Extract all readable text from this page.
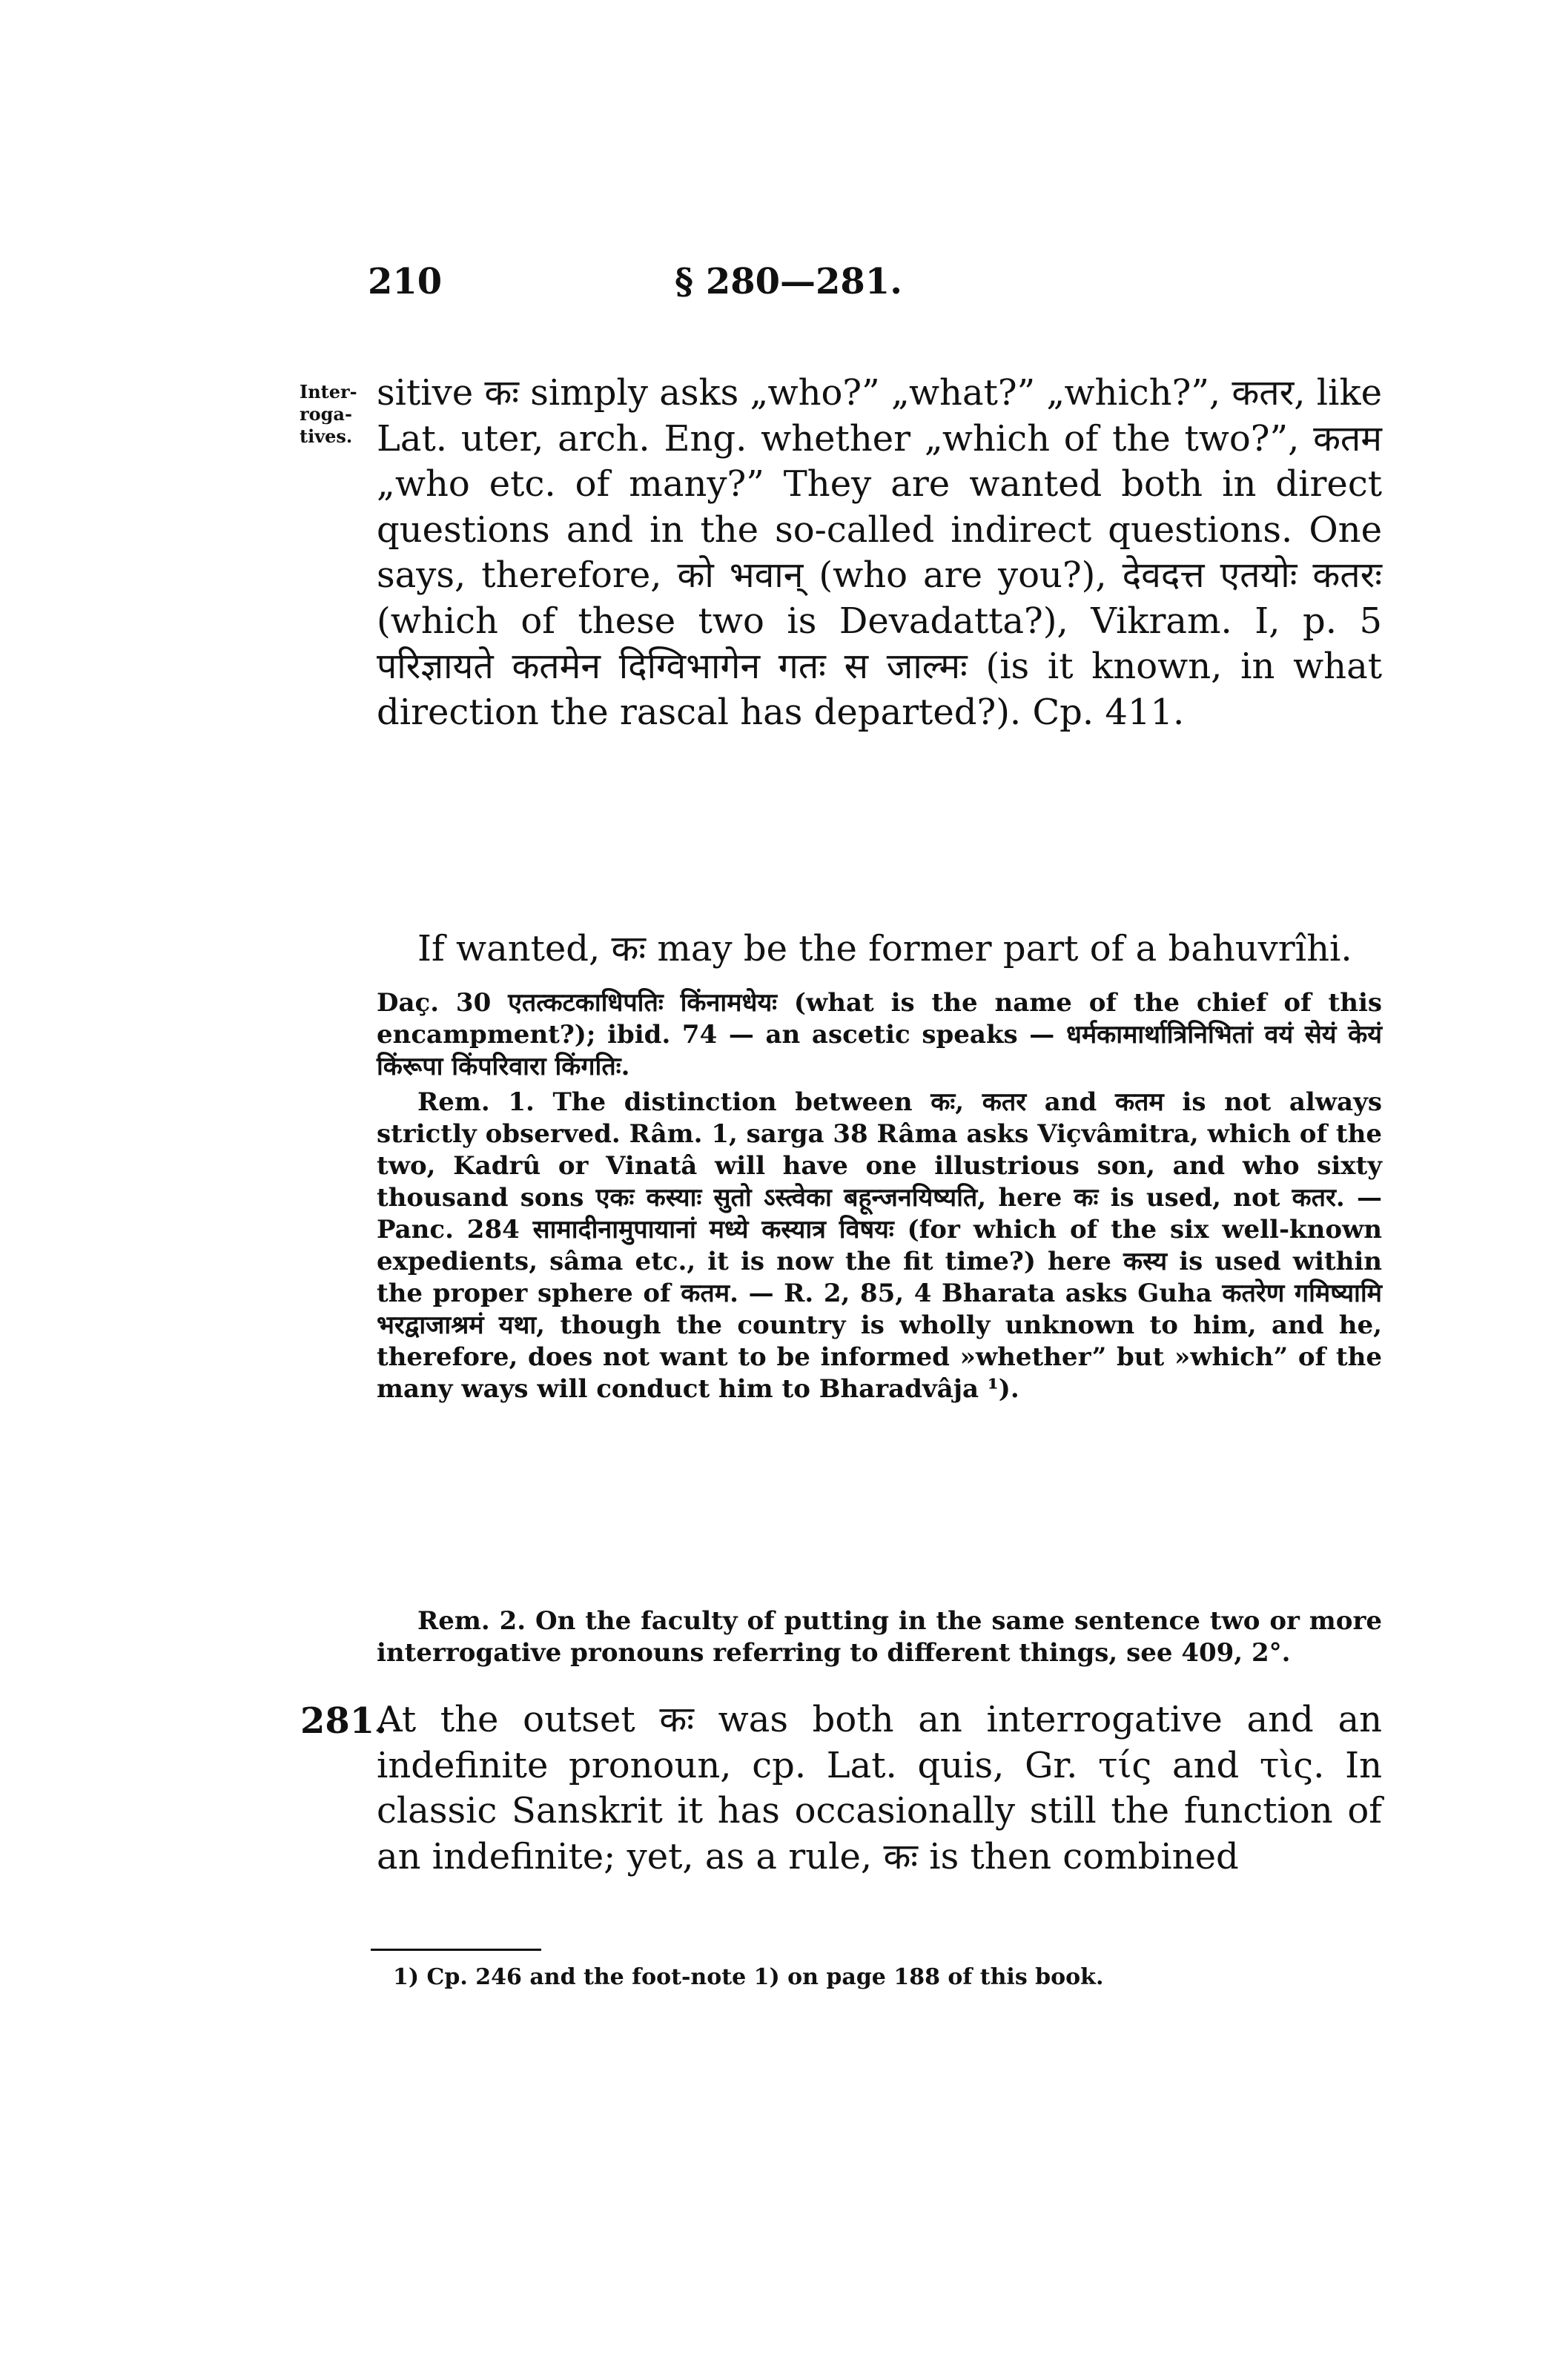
210	§ 280—281.
Inter- roga- tives.
sitive कः simply asks „who?” „what?” „which?”, कतर, like Lat. uter, arch. Eng. whether „which of the two?”, कतम „who etc. of many?” They are wanted both in direct questions and in the so-called indirect questions. One says, therefore, को भवान् (who are you?), देवदत्त एतयोः कतरः (which of these two is Devadatta?), Vikram. I, p. 5 परिज्ञायते कतमेन दिग्विभागेन गतः स जाल्मः (is it known, in what direction the rascal has departed?). Cp. 411.
If wanted, कः may be the former part of a bahuvrîhi.
Daç. 30 एतत्कटकाधिपतिः किंनामधेयः (what is the name of the chief of this encampment?); ibid. 74 — an ascetic speaks — धर्मकामार्थात्रिनिभितां वयं सेयं केयं किंरूपा किंपरिवारा किंगतिः.
Rem. 1. The distinction between कः, कतर and कतम is not always strictly observed. Râm. 1, sarga 38 Râma asks Viçvâmitra, which of the two, Kadrû or Vinatâ will have one illustrious son, and who sixty thousand sons एकः कस्याः सुतो ऽस्त्वेका बहून्जनयिष्यति, here कः is used, not कतर. — Panc. 284 सामादीनामुपायानां मध्ये कस्यात्र विषयः (for which of the six well-known expedients, sâma etc., it is now the fit time?) here कस्य is used within the proper sphere of कतम. — R. 2, 85, 4 Bharata asks Guha कतरेण गमिष्यामि भरद्वाजाश्रमं यथा, though the country is wholly unknown to him, and he, therefore, does not want to be informed »whether” but »which” of the many ways will conduct him to Bharadvâja ¹).
Rem. 2. On the faculty of putting in the same sentence two or more interrogative pronouns referring to different things, see 409, 2°.
281.
At the outset कः was both an interrogative and an indefinite pronoun, cp. Lat. quis, Gr. τίς and τὶς. In classic Sanskrit it has occasionally still the function of an indefinite; yet, as a rule, कः is then combined
1) Cp. 246 and the foot-note 1) on page 188 of this book.
